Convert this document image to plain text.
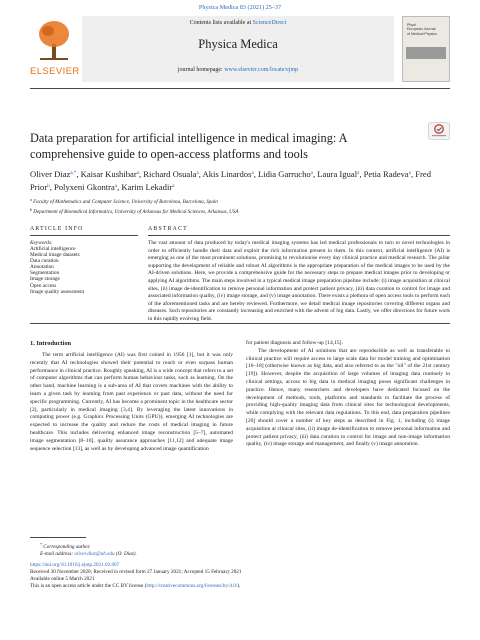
Physica Medica 83 (2021) 25–37
ELSEVIER
Contents lists available at ScienceDirect
Physica Medica
journal homepage: www.elsevier.com/locate/ejmp
Physi
European Journal
of Medical Physics
Data preparation for artificial intelligence in medical imaging: A comprehensive guide to open-access platforms and tools
Oliver Diaz$^{a,*}$, Kaisar Kushibar$^a$, Richard Osuala$^a$, Akis Linardos$^a$, Lidia Garrucho$^a$, Laura Igual$^a$, Petia Radeva$^a$, Fred Prior$^b$, Polyxeni Gkontra$^a$, Karim Lekadir$^a$
$^a$ Faculty of Mathematics and Computer Science, University of Barcelona, Barcelona, Spain
$^b$ Department of Biomedical Informatics, University of Arkansas for Medical Sciences, Arkansas, USA
ARTICLE INFO	ABSTRACT
Keywords:
Artificial intelligence
Medical image datasets
Data curation
Annotation
Segmentation
Image storage
Open access
Image quality assessment
The vast amount of data produced by today's medical imaging systems has led medical professionals to turn to novel technologies in order to efficiently handle their data and exploit the rich information present in them. In this context, artificial intelligence (AI) is emerging as one of the most prominent solutions, promising to revolutionise every day clinical practice and medical research. The pillar supporting the development of reliable and robust AI algorithms is the appropriate preparation of the medical images to be used by the AI-driven solutions. Here, we provide a comprehensive guide for the necessary steps to prepare medical images prior to developing or applying AI algorithms. The main steps involved in a typical medical image preparation pipeline include: (i) image acquisition at clinical sites, (ii) image de-identification to remove personal information and protect patient privacy, (iii) data curation to control for image and associated information quality, (iv) image storage, and (v) image annotation. There exists a plethora of open access tools to perform each of the aforementioned tasks and are hereby reviewed. Furthermore, we detail medical image repositories covering different organs and diseases. Such repositories are constantly increasing and enriched with the advent of big data. Lastly, we offer directions for future work in this rapidly evolving field.
1. Introduction
The term artificial intelligence (AI) was first coined in 1956 [1], but it was only recently that AI technologies showed their potential to reach or even surpass human performance in clinical practice. Roughly speaking, AI is a wide concept that refers to a set of computer algorithms that can perform human behaviour tasks, such as learning. On the other hand, machine learning is a sub-area of AI that covers machines with the ability to learn a given task by learning from past experience or past data, without the need for specific programming. Currently, AI has become a prominent topic in the healthcare sector [2], particularly in medical imaging [3,4]. By leveraging the latest innovations in computing power (e.g. Graphics Processing Units (GPU)), emerging AI technologies are expected to increase the quality and reduce the costs of medical imaging in future healthcare. This includes delivering enhanced image reconstruction [5–7], automated image segmentation [8–10], quality assurance approaches [11,12] and adequate image sequence selection [13], as well as by developing advanced image quantification

for patient diagnosis and follow-up [14,15].

The development of AI solutions that are reproducible as well as transferable to clinical practice will require access to large scale data for model training and optimisation [16–18] (otherwise known as big data, and also referred to as the "oil" of the 21st century [19]). However, despite the acquisition of large volumes of imaging data routinely in clinical settings, access to big data in medical imaging poses significant challenges in practice. Hence, many researchers and developers have dedicated focused on the development of methods, tools, platforms and standards to facilitate the process of providing high-quality imaging data from clinical sites for technological developments, while complying with the relevant data regulations. To this end, data preparation pipelines [20] should cover a number of key steps as described in Fig. 1, including (i) image acquisition at clinical sites, (ii) image de-identification to remove personal information and protect patient privacy, (iii) data curation to control for image and non-image information quality, (iv) image storage and management, and finally (v) image annotation.

* Corresponding author.
E-mail address: oliver.diaz@ub.edu (O. Diaz).
https://doi.org/10.1016/j.ejmp.2021.02.007
Received 30 November 2020; Received in revised form 27 January 2021; Accepted 15 February 2021
Available online 5 March 2021
This is an open access article under the CC BY license (http://creativecommons.org/licenses/by/4.0/).
